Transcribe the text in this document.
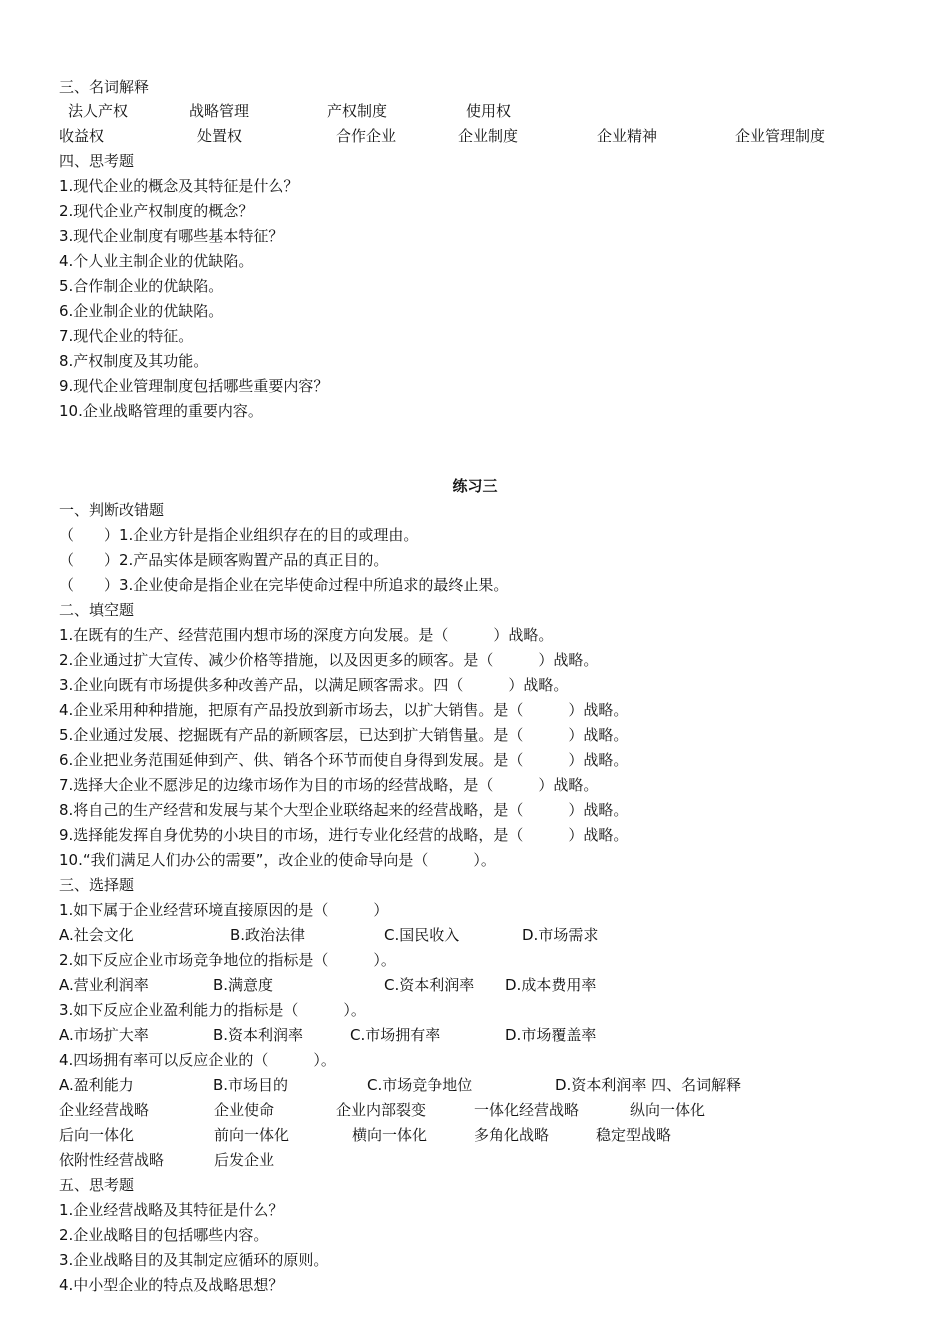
三、名词解释
法人产权	战略管理	产权制度	使用权
收益权	处置权	合作企业	企业制度	企业精神	企业管理制度
四、思考题
1.现代企业的概念及其特征是什么？
2.现代企业产权制度的概念？
3.现代企业制度有哪些基本特征？
4.个人业主制企业的优缺陷。
5.合作制企业的优缺陷。
6.企业制企业的优缺陷。
7.现代企业的特征。
8.产权制度及其功能。
9.现代企业管理制度包括哪些重要内容？
10.企业战略管理的重要内容。
练习三
一、判断改错题
（　　）1.企业方针是指企业组织存在的目的或理由。
（　　）2.产品实体是顾客购置产品的真正目的。
（　　）3.企业使命是指企业在完毕使命过程中所追求的最终止果。
二、填空题
1.在既有的生产、经营范围内想市场的深度方向发展。是（　　　）战略。
2.企业通过扩大宣传、减少价格等措施，以及因更多的顾客。是（　　　）战略。
3.企业向既有市场提供多种改善产品，以满足顾客需求。四（　　　）战略。
4.企业采用种种措施，把原有产品投放到新市场去，以扩大销售。是（　　　）战略。
5.企业通过发展、挖掘既有产品的新顾客层，已达到扩大销售量。是（　　　）战略。
6.企业把业务范围延伸到产、供、销各个环节而使自身得到发展。是（　　　）战略。
7.选择大企业不愿涉足的边缘市场作为目的市场的经营战略，是（　　　）战略。
8.将自己的生产经营和发展与某个大型企业联络起来的经营战略，是（　　　）战略。
9.选择能发挥自身优势的小块目的市场，进行专业化经营的战略，是（　　　）战略。
10.“我们满足人们办公的需要”，改企业的使命导向是（　　　）。
三、选择题
1.如下属于企业经营环境直接原因的是（　　　）
A.社会文化	B.政治法律	C.国民收入	D.市场需求
2.如下反应企业市场竞争地位的指标是（　　　）。
A.营业利润率	B.满意度	C.资本利润率 D.成本费用率
3.如下反应企业盈利能力的指标是（　　　）。
A.市场扩大率	B.资本利润率	C.市场拥有率	D.市场覆盖率
4.四场拥有率可以反应企业的（　　　）。
A.盈利能力	B.市场目的	C.市场竞争地位	D.资本利润率 四、名词解释
企业经营战略	企业使命	企业内部裂变	一体化经营战略	纵向一体化
后向一体化	前向一体化	横向一体化	多角化战略	稳定型战略
依附性经营战略	后发企业
五、思考题
1.企业经营战略及其特征是什么？
2.企业战略目的包括哪些内容。
3.企业战略目的及其制定应循环的原则。
4.中小型企业的特点及战略思想？
